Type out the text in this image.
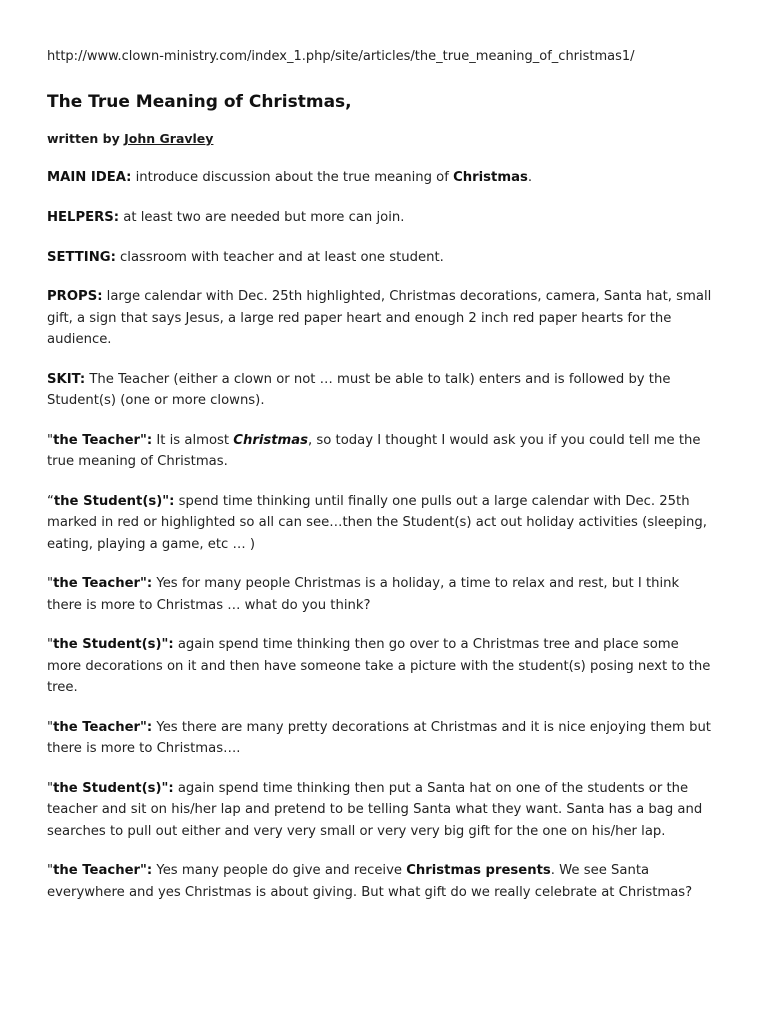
http://www.clown-ministry.com/index_1.php/site/articles/the_true_meaning_of_christmas1/

The True Meaning of Christmas,

written by John Gravley

MAIN IDEA: introduce discussion about the true meaning of Christmas.

HELPERS: at least two are needed but more can join.

SETTING: classroom with teacher and at least one student.

PROPS: large calendar with Dec. 25th highlighted, Christmas decorations, camera, Santa hat, small gift, a sign that says Jesus, a large red paper heart and enough 2 inch red paper hearts for the audience.

SKIT: The Teacher (either a clown or not … must be able to talk) enters and is followed by the Student(s) (one or more clowns).

"the Teacher": It is almost Christmas, so today I thought I would ask you if you could tell me the true meaning of Christmas.

“the Student(s)": spend time thinking until finally one pulls out a large calendar with Dec. 25th marked in red or highlighted so all can see…then the Student(s) act out holiday activities (sleeping, eating, playing a game, etc … )

"the Teacher": Yes for many people Christmas is a holiday, a time to relax and rest, but I think there is more to Christmas … what do you think?

"the Student(s)": again spend time thinking then go over to a Christmas tree and place some more decorations on it and then have someone take a picture with the student(s) posing next to the tree.

"the Teacher": Yes there are many pretty decorations at Christmas and it is nice enjoying them but there is more to Christmas….

"the Student(s)": again spend time thinking then put a Santa hat on one of the students or the teacher and sit on his/her lap and pretend to be telling Santa what they want. Santa has a bag and searches to pull out either and very very small or very very big gift for the one on his/her lap.

"the Teacher": Yes many people do give and receive Christmas presents. We see Santa everywhere and yes Christmas is about giving. But what gift do we really celebrate at Christmas?
